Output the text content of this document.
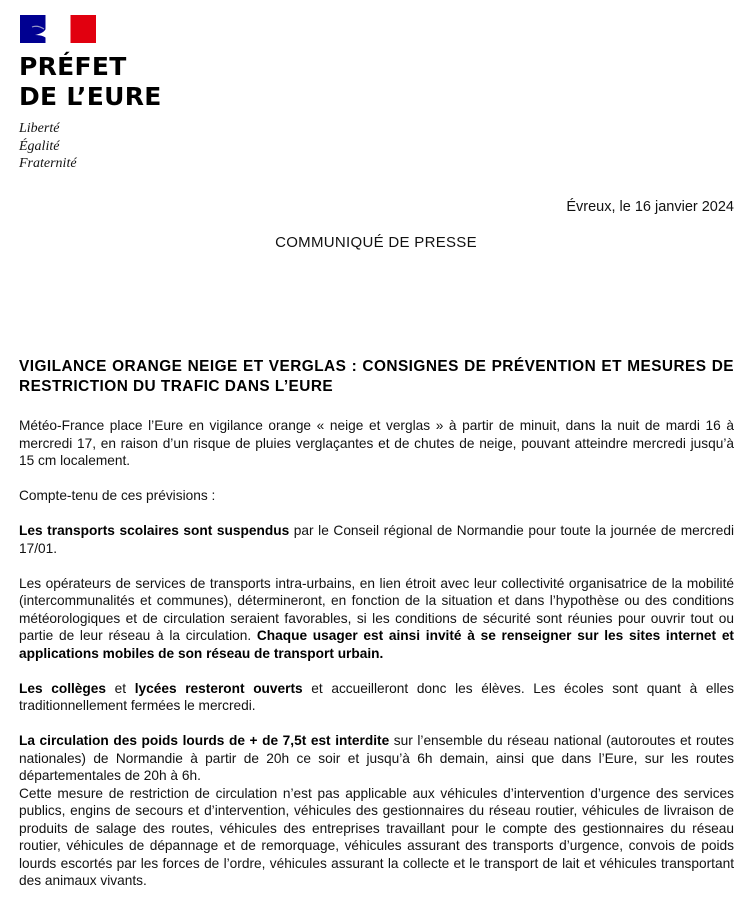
PRÉFET
DE L’EURE
Liberté
Égalité
Fraternité
Évreux, le 16 janvier 2024
COMMUNIQUÉ DE PRESSE
VIGILANCE ORANGE NEIGE ET VERGLAS : CONSIGNES DE PRÉVENTION ET MESURES DE RESTRICTION DU TRAFIC DANS L’EURE

Météo-France place l’Eure en vigilance orange « neige et verglas » à partir de minuit, dans la nuit de mardi 16 à mercredi 17, en raison d’un risque de pluies verglaçantes et de chutes de neige, pouvant atteindre mercredi jusqu’à 15 cm localement.

Compte-tenu de ces prévisions :

Les transports scolaires sont suspendus par le Conseil régional de Normandie pour toute la journée de mercredi 17/01.

Les opérateurs de services de transports intra-urbains, en lien étroit avec leur collectivité organisatrice de la mobilité (intercommunalités et communes), détermineront, en fonction de la situation et dans l’hypothèse ou des conditions météorologiques et de circulation seraient favorables, si les conditions de sécurité sont réunies pour ouvrir tout ou partie de leur réseau à la circulation. Chaque usager est ainsi invité à se renseigner sur les sites internet et applications mobiles de son réseau de transport urbain.

Les collèges et lycées resteront ouverts et accueilleront donc les élèves. Les écoles sont quant à elles traditionnellement fermées le mercredi.

La circulation des poids lourds de + de 7,5t est interdite sur l’ensemble du réseau national (autoroutes et routes nationales) de Normandie à partir de 20h ce soir et jusqu’à 6h demain, ainsi que dans l’Eure, sur les routes départementales de 20h à 6h.

Cette mesure de restriction de circulation n’est pas applicable aux véhicules d’intervention d’urgence des services publics, engins de secours et d’intervention, véhicules des gestionnaires du réseau routier, véhicules de livraison de produits de salage des routes, véhicules des entreprises travaillant pour le compte des gestionnaires du réseau routier, véhicules de dépannage et de remorquage, véhicules assurant des transports d’urgence, convois de poids lourds escortés par les forces de l’ordre, véhicules assurant la collecte et le transport de lait et véhicules transportant des animaux vivants.
